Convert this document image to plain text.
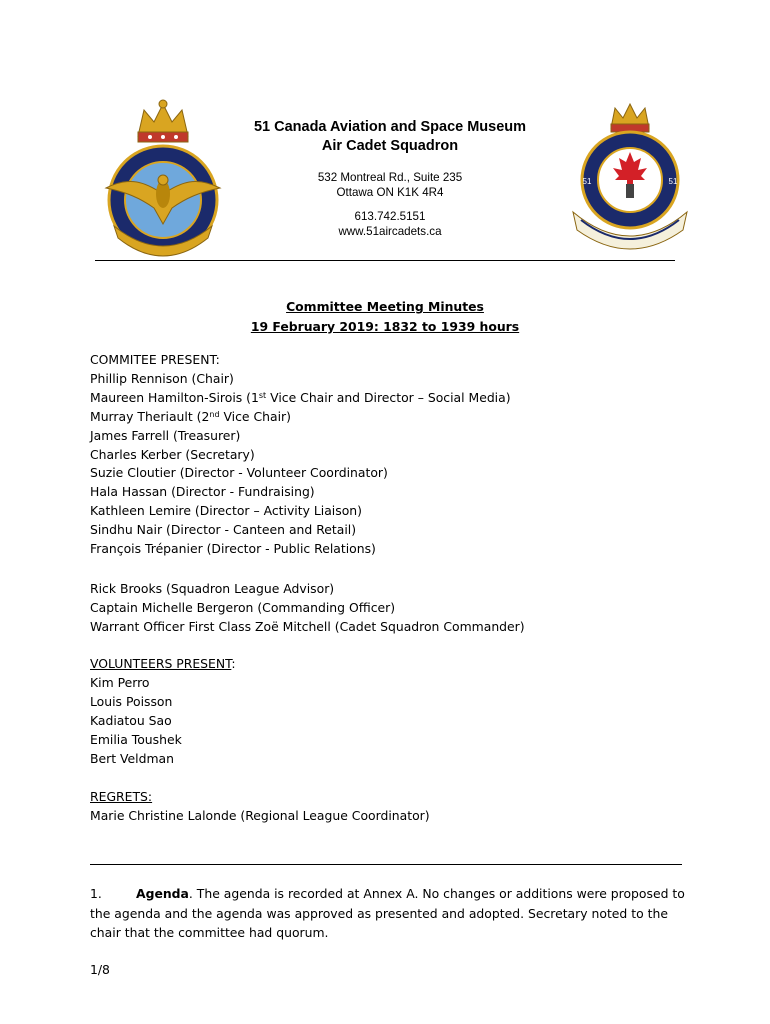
51	51

51 Canada Aviation and Space Museum

Air Cadet Squadron

532 Montreal Rd., Suite 235

Ottawa ON K1K 4R4

613.742.5151

www.51aircadets.ca

Committee Meeting Minutes
19 February 2019: 1832 to 1939 hours
COMMITEE PRESENT:
Phillip Rennison (Chair)
Maureen Hamilton-Sirois (1st Vice Chair and Director – Social Media)
Murray Theriault (2nd Vice Chair)
James Farrell (Treasurer)
Charles Kerber (Secretary)
Suzie Cloutier (Director - Volunteer Coordinator)
Hala Hassan (Director - Fundraising)
Kathleen Lemire (Director – Activity Liaison)
Sindhu Nair (Director - Canteen and Retail)
François Trépanier (Director - Public Relations)
Rick Brooks (Squadron League Advisor)
Captain Michelle Bergeron (Commanding Officer)
Warrant Officer First Class Zoë Mitchell (Cadet Squadron Commander)
VOLUNTEERS PRESENT:
Kim Perro
Louis Poisson
Kadiatou Sao
Emilia Toushek
Bert Veldman
REGRETS:
Marie Christine Lalonde (Regional League Coordinator)
1.	Agenda. The agenda is recorded at Annex A. No changes or additions were proposed to
the agenda and the agenda was approved as presented and adopted. Secretary noted to the
chair that the committee had quorum.
1/8
